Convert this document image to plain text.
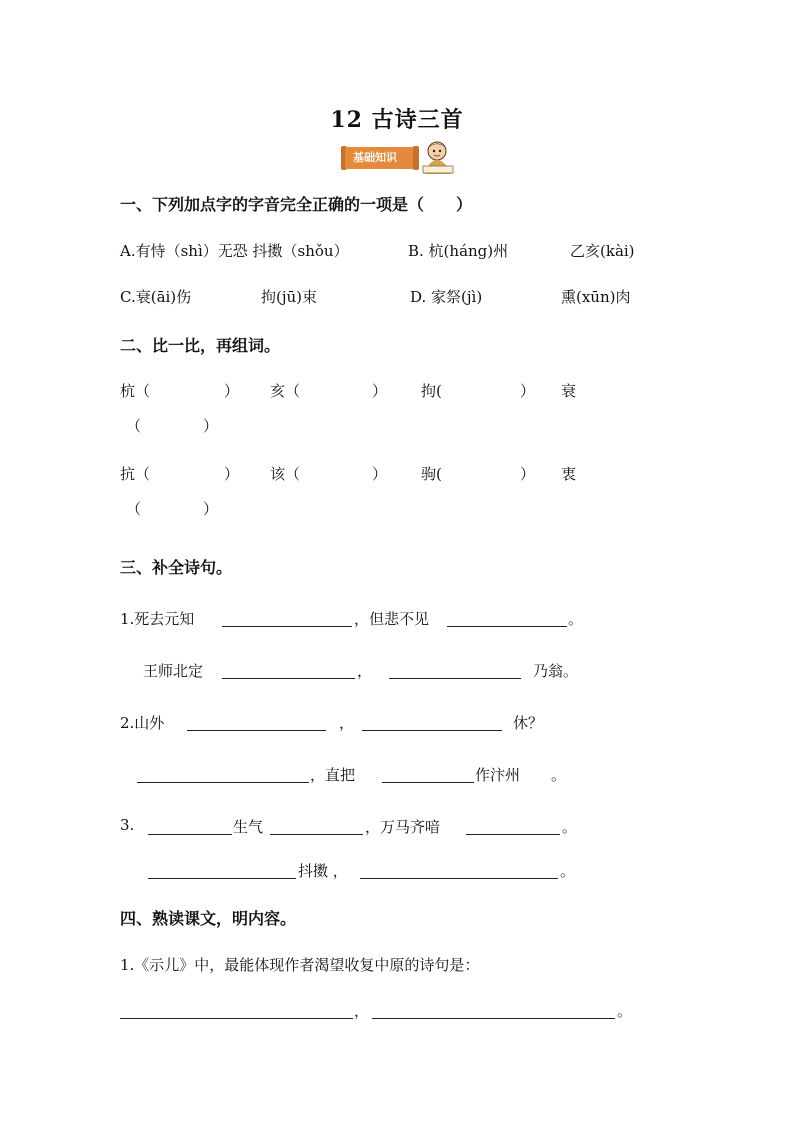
12 古诗三首
基础知识
一、下列加点字的字音完全正确的一项是（　　）
A.有恃（shì）无恐 抖擞（shǒu）	B. 杭(háng)州	乙亥(kài)
C.衰(āi)伤	拘(jū)束	D. 家祭(jì)	熏(xūn)肉
二、比一比，再组词。
杭（	） 亥（	） 拘(	） 衰
（	）
抗（	） 该（	） 驹(	） 衷
（	）
三、补全诗句。
1.死去元知	，但悲不见	。
王师北定	，	乃翁。
2.山外	，	休？
，直把	作汴州 。
3.	生气	，万马齐喑	。
抖擞 ，	。
四、熟读课文，明内容。
1.《示儿》中，最能体现作者渴望收复中原的诗句是：
，	。
